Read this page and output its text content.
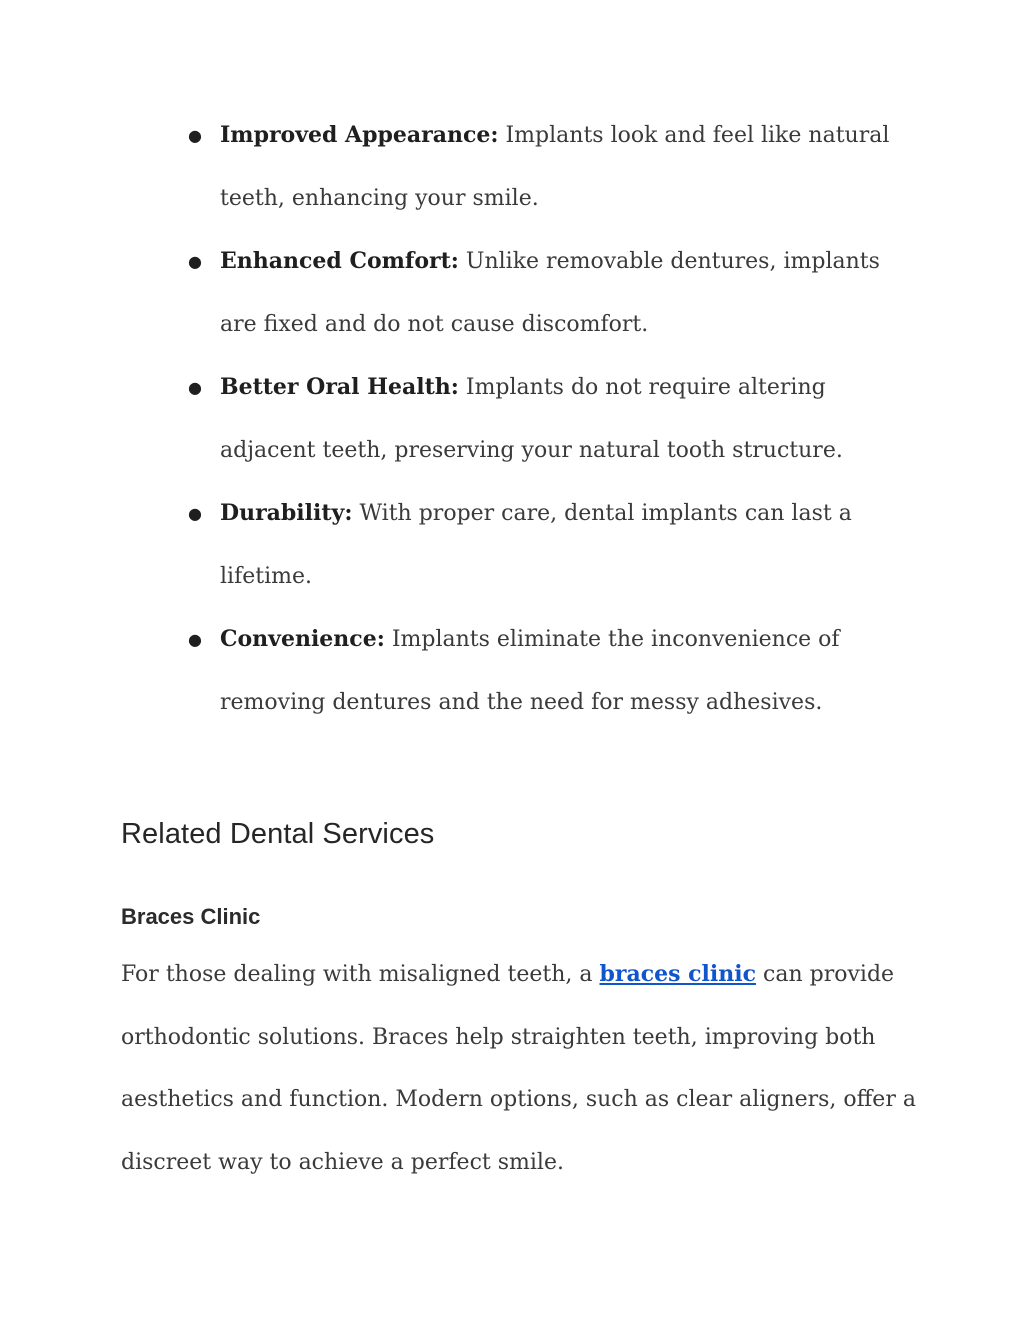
● Improved Appearance: Implants look and feel like natural teeth, enhancing your smile.
● Enhanced Comfort: Unlike removable dentures, implants are fixed and do not cause discomfort.
● Better Oral Health: Implants do not require altering adjacent teeth, preserving your natural tooth structure.
● Durability: With proper care, dental implants can last a lifetime.
● Convenience: Implants eliminate the inconvenience of removing dentures and the need for messy adhesives.
Related Dental Services
Braces Clinic

For those dealing with misaligned teeth, a braces clinic can provide orthodontic solutions. Braces help straighten teeth, improving both aesthetics and function. Modern options, such as clear aligners, offer a discreet way to achieve a perfect smile.
